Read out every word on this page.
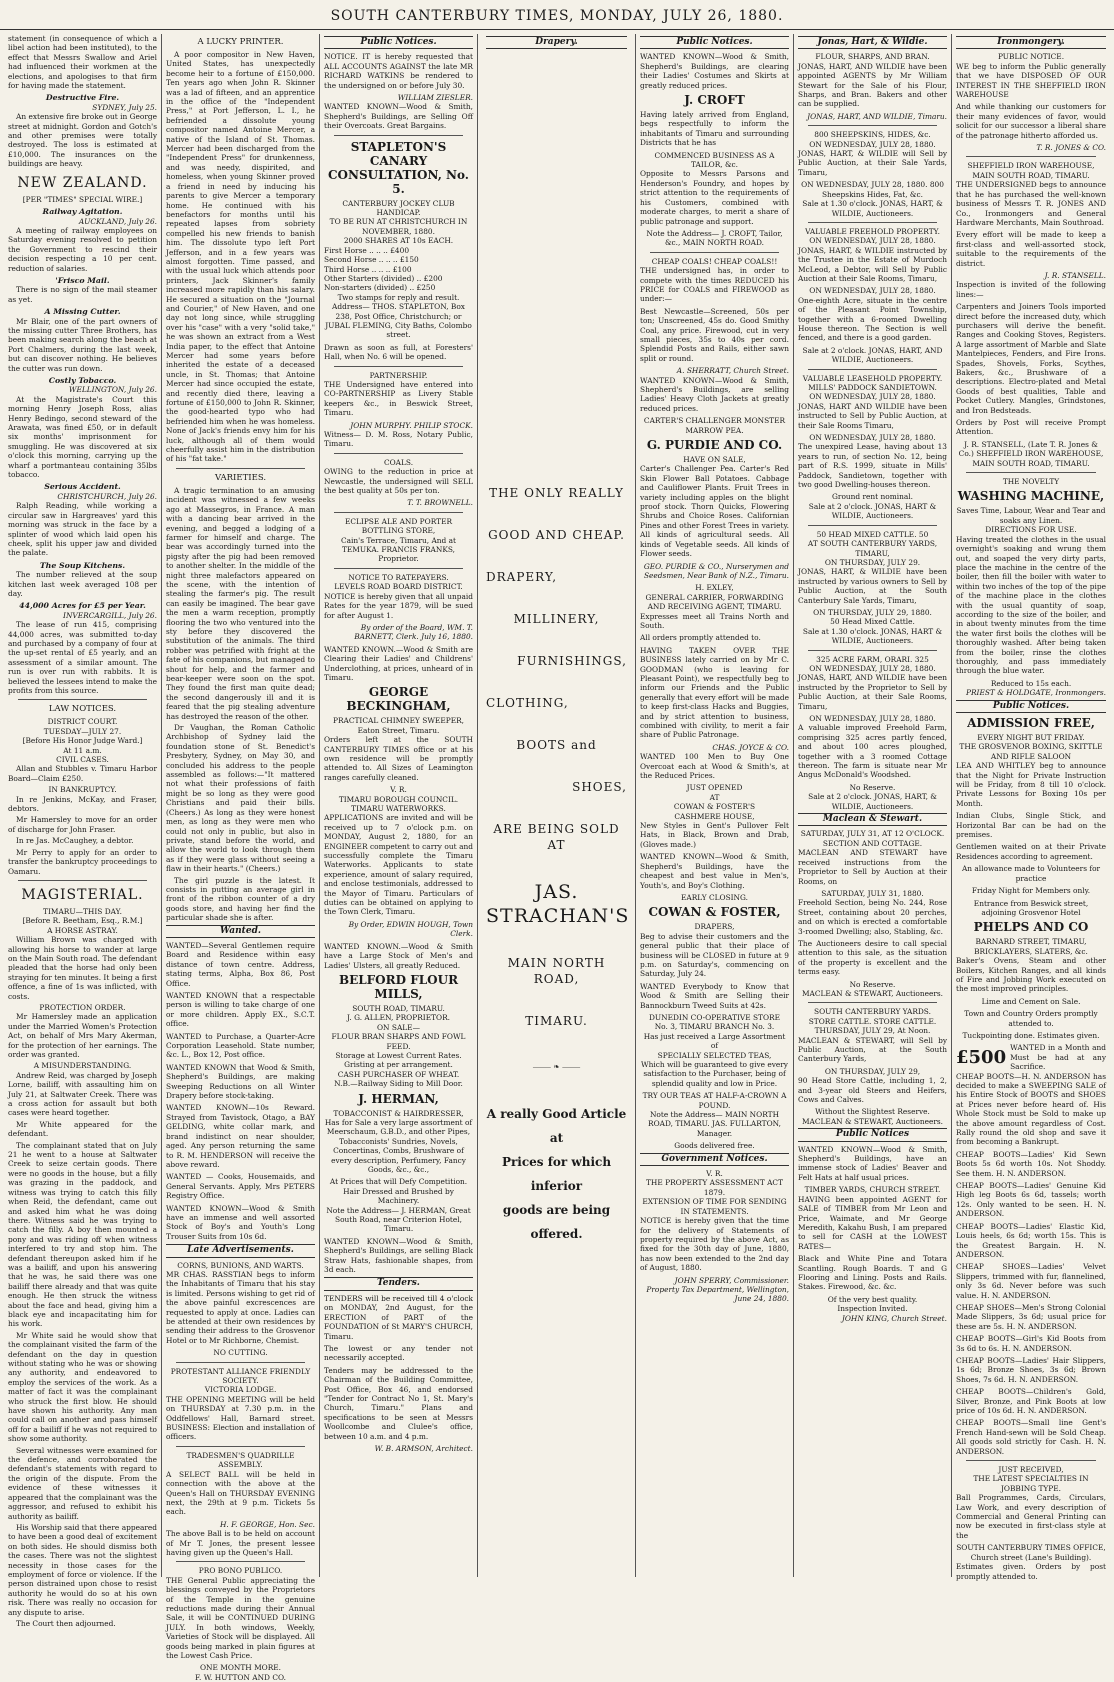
SOUTH CANTERBURY TIMES, MONDAY, JULY 26, 1880.

statement (in consequence of which a libel action had been instituted), to the effect that Messrs Swallow and Ariel had influenced their workmen at the elections, and apologises to that firm for having made the statement.

Destructive Fire.
SYDNEY, July 25.

An extensive fire broke out in George street at midnight. Gordon and Gotch's and other premises were totally destroyed. The loss is estimated at £10,000. The insurances on the buildings are heavy.

NEW ZEALAND.
[PER "TIMES" SPECIAL WIRE.]
Railway Agitation.
AUCKLAND, July 26.

A meeting of railway employees on Saturday evening resolved to petition the Government to rescind their decision respecting a 10 per cent. reduction of salaries.

'Frisco Mail.

There is no sign of the mail steamer as yet.

A Missing Cutter.

Mr Blair, one of the part owners of the missing cutter Three Brothers, has been making search along the beach at Port Chalmers, during the last week, but can discover nothing. He believes the cutter was run down.

Costly Tobacco.
WELLINGTON, July 26.

At the Magistrate's Court this morning Henry Joseph Ross, alias Henry Bedingo, second steward of the Arawata, was fined £50, or in default six months' imprisonment for smuggling. He was discovered at six o'clock this morning, carrying up the wharf a portmanteau containing 35lbs tobacco.

Serious Accident.
CHRISTCHURCH, July 26.

Ralph Reading, while working a circular saw in Hargreaves' yard this morning was struck in the face by a splinter of wood which laid open his cheek, split his upper jaw and divided the palate.

The Soup Kitchens.

The number relieved at the soup kitchen last week averaged 108 per day.

44,000 Acres for £5 per Year.
INVERCARGILL, July 26.

The lease of run 415, comprising 44,000 acres, was submitted to-day and purchased by a company of four at the up-set rental of £5 yearly, and an assessment of a similar amount. The run is over run with rabbits. It is believed the lessees intend to make the profits from this source.

LAW NOTICES.
DISTRICT COURT.
TUESDAY—JULY 27.
[Before His Honor Judge Ward.]
At 11 a.m.
CIVIL CASES.

Allan and Stubbles v. Timaru Harbor Board—Claim £250.

IN BANKRUPTCY.

In re Jenkins, McKay, and Fraser, debtors.

Mr Hamersley to move for an order of discharge for John Fraser.

In re Jas. McCaughey, a debtor.

Mr Perry to apply for an order to transfer the bankruptcy proceedings to Oamaru.

MAGISTERIAL.
TIMARU—THIS DAY.
[Before R. Beetham, Esq., R.M.]
A HORSE ASTRAY.

William Brown was charged with allowing his horse to wander at large on the Main South road. The defendant pleaded that the horse had only been straying for ten minutes. It being a first offence, a fine of 1s was inflicted, with costs.

PROTECTION ORDER.

Mr Hamersley made an application under the Married Women's Protection Act, on behalf of Mrs Mary Akerman, for the protection of her earnings. The order was granted.

A MISUNDERSTANDING.

Andrew Reid, was charged by Joseph Lorne, bailiff, with assaulting him on July 21, at Saltwater Creek. There was a cross action for assault but both cases were heard together.

Mr White appeared for the defendant.

The complainant stated that on July 21 he went to a house at Saltwater Creek to seize certain goods. There were no goods in the house, but a filly was grazing in the paddock, and witness was trying to catch this filly when Reid, the defendant, came out and asked him what he was doing there. Witness said he was trying to catch the filly. A boy then mounted a pony and was riding off when witness interfered to try and stop him. The defendant thereupon asked him if he was a bailiff, and upon his answering that he was, he said there was one bailiff there already and that was quite enough. He then struck the witness about the face and head, giving him a black eye and incapacitating him for his work.

Mr White said he would show that the complainant visited the farm of the defendant on the day in question without stating who he was or showing any authority, and endeavored to employ the services of the work. As a matter of fact it was the complainant who struck the first blow. He should have shown his authority. Any man could call on another and pass himself off for a bailiff if he was not required to show some authority.

Several witnesses were examined for the defence, and corroborated the defendant's statements with regard to the origin of the dispute. From the evidence of these witnesses it appeared that the complainant was the aggressor, and refused to exhibit his authority as bailiff.

His Worship said that there appeared to have been a good deal of excitement on both sides. He should dismiss both the cases. There was not the slightest necessity in those cases for the employment of force or violence. If the person distrained upon chose to resist authority he would do so at his own risk. There was really no occasion for any dispute to arise.

The Court then adjourned.

A LUCKY PRINTER.

A poor compositor in New Haven, United States, has unexpectedly become heir to a fortune of £150,000. Ten years ago when John R. Skinner was a lad of fifteen, and an apprentice in the office of the "Independent Press," at Port Jefferson, L. I., he befriended a dissolute young compositor named Antoine Mercer, a native of the Island of St. Thomas. Mercer had been discharged from the "Independent Press" for drunkenness, and was needy, dispirited, and homeless, when young Skinner proved a friend in need by inducing his parents to give Mercer a temporary home. He continued with his benefactors for months until his repeated lapses from sobriety compelled his new friends to banish him. The dissolute typo left Port Jefferson, and in a few years was almost forgotten. Time passed, and with the usual luck which attends poor printers, Jack Skinner's family increased more rapidly than his salary. He secured a situation on the "Journal and Courier," of New Haven, and one day not long since, while struggling over his "case" with a very "solid take," he was shown an extract from a West India paper, to the effect that Antoine Mercer had some years before inherited the estate of a deceased uncle, in St. Thomas; that Antoine Mercer had since occupied the estate, and recently died there, leaving a fortune of £150,000 to John R. Skinner, the good-hearted typo who had befriended him when he was homeless. None of Jack's friends envy him for his luck, although all of them would cheerfully assist him in the distribution of his "fat take."

VARIETIES.

A tragic termination to an amusing incident was witnessed a few weeks ago at Massegros, in France. A man with a dancing bear arrived in the evening, and begged a lodging of a farmer for himself and charge. The bear was accordingly turned into the pigsty after the pig had been removed to another shelter. In the middle of the night three malefactors appeared on the scene, with the intention of stealing the farmer's pig. The result can easily be imagined. The bear gave the men a warm reception, promptly flooring the two who ventured into the sty before they discovered the substitution of the animals. The third robber was petrified with fright at the fate of his companions, but managed to shout for help, and the farmer and bear-keeper were soon on the spot. They found the first man quite dead; the second dangerously ill and it is feared that the pig stealing adventure has destroyed the reason of the other.

Dr Vaughan, the Roman Catholic Archbishop of Sydney laid the foundation stone of St. Benedict's Presbytery, Sydney, on May 30, and concluded his address to the people assembled as follows:—"It mattered not what their professions of faith might be so long as they were good Christians and paid their bills. (Cheers.) As long as they were honest men, as long as they were men who could not only in public, but also in private, stand before the world, and allow the world to look through them as if they were glass without seeing a flaw in their hearts." (Cheers.)

The girl puzzle is the latest. It consists in putting an average girl in front of the ribbon counter of a dry goods store, and having her find the particular shade she is after.

Wanted.

WANTED—Several Gentlemen require Board and Residence within easy distance of town centre. Address, stating terms, Alpha, Box 86, Post Office.

WANTED KNOWN that a respectable person is willing to take charge of one or more children. Apply EX., S.C.T. office.

WANTED to Purchase, a Quarter-Acre Corporation Leasehold. State number, &c. L., Box 12, Post office.

WANTED KNOWN that Wood & Smith, Shepherd's Buildings, are making Sweeping Reductions on all Winter Drapery before stock-taking.

WANTED KNOWN—10s Reward. Strayed from Tavistock, Otago, a BAY GELDING, white collar mark, and brand indistinct on near shoulder, aged. Any person returning the same to R. M. HENDERSON will receive the above reward.

WANTED — Cooks, Housemaids, and General Servants. Apply, Mrs PETERS Registry Office.

WANTED KNOWN—Wood & Smith have an immense and well assorted Stock of Boy's and Youth's Long Trouser Suits from 10s 6d.

Late Advertisements.
CORNS, BUNIONS, AND WARTS.

MR CHAS. RASSTIAN begs to inform the Inhabitants of Timaru that his stay is limited. Persons wishing to get rid of the above painful excrescences are requested to apply at once. Ladies can be attended at their own residences by sending their address to the Grosvenor Hotel or to Mr Richborne, Chemist.

NO CUTTING.
PROTESTANT ALLIANCE FRIENDLY SOCIETY.
VICTORIA LODGE.

THE OPENING MEETING will be held on THURSDAY at 7.30 p.m. in the Oddfellows' Hall, Barnard street. BUSINESS: Election and installation of officers.

TRADESMEN'S QUADRILLE ASSEMBLY.

A SELECT BALL will be held in connection with the above at the Queen's Hall on THURSDAY EVENING next, the 29th at 9 p.m. Tickets 5s each.

H. F. GEORGE, Hon. Sec.

The above Ball is to be held on account of Mr T. Jones, the present lessee having given up the Queen's Hall.

PRO BONO PUBLICO.

THE General Public appreciating the blessings conveyed by the Proprietors of the Temple in the genuine reductions made during their Annual Sale, it will be CONTINUED DURING JULY. In both windows, Weekly, Varieties of Stock will be displayed. All goods being marked in plain figures at the Lowest Cash Price.

ONE MONTH MORE.
F. W. HUTTON AND CO.
Public Notices.

NOTICE. IT is hereby requested that ALL ACCOUNTS AGAINST the late MR RICHARD WATKINS be rendered to the undersigned on or before July 30.

WILLIAM ZIESLER.

WANTED KNOWN—Wood & Smith, Shepherd's Buildings, are Selling Off their Overcoats. Great Bargains.

STAPLETON'S CANARY CONSULTATION, No. 5.
CANTERBURY JOCKEY CLUB HANDICAP.
TO BE RUN AT CHRISTCHURCH IN NOVEMBER, 1880.
2000 SHARES AT 10s EACH.
First Horse .. .. .. £400
Second Horse .. .. .. £150
Third Horse .. .. .. £100
Other Starters (divided) .. £200
Non-starters (divided) .. £250
Two stamps for reply and result.

Address— THOS. STAPLETON, Box 238, Post Office, Christchurch; or JUBAL FLEMING, City Baths, Colombo street.

Drawn as soon as full, at Foresters' Hall, when No. 6 will be opened.

PARTNERSHIP.

THE Undersigned have entered into CO-PARTNERSHIP as Livery Stable keepers &c., in Beswick Street, Timaru.

JOHN MURPHY. PHILIP STOCK.

Witness— D. M. Ross, Notary Public, Timaru.

COALS.

OWING to the reduction in price at Newcastle, the undersigned will SELL the best quality at 50s per ton.

T. T. BROWNELL.
ECLIPSE ALE AND PORTER BOTTLING STORE,

Cain's Terrace, Timaru, And at TEMUKA. FRANCIS FRANKS, Proprietor.

NOTICE TO RATEPAYERS.
LEVELS ROAD BOARD DISTRICT.

NOTICE is hereby given that all unpaid Rates for the year 1879, will be sued for after August 1.

By order of the Board, WM. T. BARNETT, Clerk. July 16, 1880.

WANTED KNOWN.—Wood & Smith are Clearing their Ladies' and Childrens' Underclothing, at prices, unheard of in Timaru.

GEORGE BECKINGHAM,
PRACTICAL CHIMNEY SWEEPER, Eaton Street, Timaru.

Orders left at the SOUTH CANTERBURY TIMES office or at his own residence will be promptly attended to. All Sizes of Leamington ranges carefully cleaned.

V. R.
TIMARU BOROUGH COUNCIL.
TIMARU WATERWORKS.

APPLICATIONS are invited and will be received up to 7 o'clock p.m. on MONDAY, August 2, 1880, for an ENGINEER competent to carry out and successfully complete the Timaru Waterworks. Applicants to state experience, amount of salary required, and enclose testimonials, addressed to the Mayor of Timaru. Particulars of duties can be obtained on applying to the Town Clerk, Timaru.

By Order, EDWIN HOUGH, Town Clerk.

WANTED KNOWN.—Wood & Smith have a Large Stock of Men's and Ladies' Ulsters, all greatly Reduced.

BELFORD FLOUR MILLS,
SOUTH ROAD, TIMARU.
J. G. ALLEN, PROPRIETOR.
ON SALE—
FLOUR BRAN SHARPS AND FOWL FEED.
Storage at Lowest Current Rates.
Gristing at per arrangement.
CASH PURCHASER OF WHEAT.
N.B.—Railway Siding to Mill Door.
J. HERMAN,
TOBACCONIST & HAIRDRESSER,

Has for Sale a very large assortment of Meerschaum, G.B.D., and other Pipes, Tobacconists' Sundries, Novels, Concertinas, Combs, Brushware of every description, Perfumery, Fancy Goods, &c., &c.,

At Prices that will Defy Competition.
Hair Dressed and Brushed by Machinery.

Note the Address— J. HERMAN, Great South Road, near Criterion Hotel, Timaru.

WANTED KNOWN—Wood & Smith, Shepherd's Buildings, are selling Black Straw Hats, fashionable shapes, from 3d each.

Tenders.

TENDERS will be received till 4 o'clock on MONDAY, 2nd August, for the ERECTION of PART of the FOUNDATION of St MARY'S CHURCH, Timaru.

The lowest or any tender not necessarily accepted.

Tenders may be addressed to the Chairman of the Building Committee, Post Office, Box 46, and endorsed "Tender for Contract No 1, St. Mary's Church, Timaru." Plans and specifications to be seen at Messrs Woollcombe and Clulee's office, between 10 a.m. and 4 p.m.

W. B. ARMSON, Architect.
Drapery.
THE ONLY REALLY
GOOD AND CHEAP.
DRAPERY,
MILLINERY,
FURNISHINGS,
CLOTHING,
BOOTS and
SHOES,
ARE BEING SOLD AT
JAS. STRACHAN'S
MAIN NORTH ROAD,
TIMARU.
⸻ ❧ ⸻
A really Good Article at
Prices for which inferior
goods are being offered.
Public Notices.

WANTED KNOWN—Wood & Smith, Shepherd's Buildings, are clearing their Ladies' Costumes and Skirts at greatly reduced prices.

J. CROFT

Having lately arrived from England, begs respectfully to inform the inhabitants of Timaru and surrounding Districts that he has

COMMENCED BUSINESS AS A TAILOR, &c.

Opposite to Messrs Parsons and Henderson's Foundry, and hopes by strict attention to the requirements of his Customers, combined with moderate charges, to merit a share of public patronage and support.

Note the Address— J. CROFT, Tailor, &c., MAIN NORTH ROAD.

CHEAP COALS! CHEAP COALS!!

THE undersigned has, in order to compete with the times REDUCED his PRICE for COALS and FIREWOOD as under:—

Best Newcastle—Screened, 50s per ton; Unscreened, 45s do. Good Smithy Coal, any price. Firewood, cut in very small pieces, 35s to 40s per cord. Splendid Posts and Rails, either sawn split or round.

A. SHERRATT, Church Street.

WANTED KNOWN—Wood & Smith, Shepherd's Buildings, are selling Ladies' Heavy Cloth Jackets at greatly reduced prices.

CARTER'S CHALLENGER MONSTER MARROW PEA.
G. PURDIE AND CO.
HAVE ON SALE,

Carter's Challenger Pea. Carter's Red Skin Flower Ball Potatoes. Cabbage and Cauliflower Plants. Fruit Trees in variety including apples on the blight proof stock. Thorn Quicks, Flowering Shrubs and Choice Roses. Californian Pines and other Forest Trees in variety. All kinds of agricultural seeds. All kinds of Vegetable seeds. All kinds of Flower seeds.

GEO. PURDIE & CO., Nurserymen and Seedsmen, Near Bank of N.Z., Timaru.

H. EXLEY,
GENERAL CARRIER, FORWARDING AND RECEIVING AGENT, TIMARU.

Expresses meet all Trains North and South.

All orders promptly attended to.

HAVING TAKEN OVER THE BUSINESS lately carried on by Mr C. GOODMAN (who is leaving for Pleasant Point), we respectfully beg to inform our Friends and the Public generally that every effort will be made to keep first-class Hacks and Buggies, and by strict attention to business, combined with civility, to merit a fair share of Public Patronage.

CHAS. JOYCE & CO.

WANTED 100 Men to Buy One Overcoat each at Wood & Smith's, at the Reduced Prices.

JUST OPENED
AT
COWAN & FOSTER'S
CASHMERE HOUSE,

New Styles in Gent's Pullover Felt Hats, in Black, Brown and Drab, (Gloves made.)

WANTED KNOWN—Wood & Smith, Shepherd's Buildings, have the cheapest and best value in Men's, Youth's, and Boy's Clothing.

EARLY CLOSING.
COWAN & FOSTER,
DRAPERS,

Beg to advise their customers and the general public that their place of business will be CLOSED in future at 9 p.m. on Saturday's, commencing on Saturday, July 24.

WANTED Everybody to Know that Wood & Smith are Selling their Bannockburn Tweed Suits at 42s.

DUNEDIN CO-OPERATIVE STORE
No. 3, TIMARU BRANCH No. 3.
Has just received a Large Assortment of
SPECIALLY SELECTED TEAS,

Which will be guaranteed to give every satisfaction to the Purchaser, being of splendid quality and low in Price.

TRY OUR TEAS AT HALF-A-CROWN A POUND.

Note the Address— MAIN NORTH ROAD, TIMARU. JAS. FULLARTON, Manager.

Goods delivered free.
Government Notices.
V. R.
THE PROPERTY ASSESSMENT ACT 1879.
EXTENSION OF TIME FOR SENDING IN STATEMENTS.

NOTICE is hereby given that the time for the delivery of Statements of property required by the above Act, as fixed for the 30th day of June, 1880, has now been extended to the 2nd day of August, 1880.

JOHN SPERRY, Commissioner. Property Tax Department, Wellington, June 24, 1880.

Jonas, Hart, & Wildie.
FLOUR, SHARPS, AND BRAN.

JONAS, HART, AND WILDIE have been appointed AGENTS by Mr William Stewart for the Sale of his Flour, Sharps, and Bran. Bakers and other can be supplied.

JONAS, HART, AND WILDIE, Timaru.
800 SHEEPSKINS, HIDES, &c.
ON WEDNESDAY, JULY 28, 1880.

JONAS, HART, & WILDIE will Sell by Public Auction, at their Sale Yards, Timaru,

ON WEDNESDAY, JULY 28, 1880. 800 Sheepskins Hides, Fat, &c.
Sale at 1.30 o'clock. JONAS, HART, & WILDIE, Auctioneers.
VALUABLE FREEHOLD PROPERTY.
ON WEDNESDAY, JULY 28, 1880.

JONAS, HART, & WILDIE instructed by the Trustee in the Estate of Murdoch McLeod, a Debtor, will Sell by Public Auction at their Sale Rooms, Timaru,

ON WEDNESDAY, JULY 28, 1880.

One-eighth Acre, situate in the centre of the Pleasant Point Township, together with a 6-roomed Dwelling House thereon. The Section is well fenced, and there is a good garden.

Sale at 2 o'clock. JONAS, HART, AND WILDIE, Auctioneers.
VALUABLE LEASEHOLD PROPERTY. MILLS' PADDOCK SANDIETOWN.
ON WEDNESDAY, JULY 28, 1880.

JONAS, HART AND WILDIE have been instructed to Sell by Public Auction, at their Sale Rooms Timaru,

ON WEDNESDAY, JULY 28, 1880.

The unexpired Lease, having about 13 years to run, of section No. 12, being part of R.S. 1999, situate in Mills' Paddock, Sandietown, together with two good Dwelling-houses thereon.

Ground rent nominal.
Sale at 2 o'clock. JONAS, HART & WILDIE, Auctioneers.
50 HEAD MIXED CATTLE. 50
AT SOUTH CANTERBURY YARDS, TIMARU,
ON THURSDAY, JULY 29.

JONAS, HART, & WILDIE have been instructed by various owners to Sell by Public Auction, at the South Canterbury Sale Yards, Timaru,

ON THURSDAY, JULY 29, 1880.
50 Head Mixed Cattle.
Sale at 1.30 o'clock. JONAS, HART & WILDIE, Auctioneers.
325 ACRE FARM, ORARI. 325
ON WEDNESDAY, JULY 28, 1880.

JONAS, HART, AND WILDIE have been instructed by the Proprietor to Sell by Public Auction, at their Sale Rooms, Timaru,

ON WEDNESDAY, JULY 28, 1880.

A valuable improved Freehold Farm, comprising 325 acres partly fenced, and about 100 acres ploughed, together with a 3 roomed Cottage thereon. The farm is situate near Mr Angus McDonald's Woodshed.

No Reserve.
Sale at 2 o'clock. JONAS, HART, & WILDIE, Auctioneers.
Maclean & Stewart.
SATURDAY, JULY 31, AT 12 O'CLOCK.
SECTION AND COTTAGE.

MACLEAN AND STEWART have received instructions from the Proprietor to Sell by Auction at their Rooms, on

SATURDAY, JULY 31, 1880.

Freehold Section, being No. 244, Rose Street, containing about 20 perches, and on which is erected a comfortable 3-roomed Dwelling; also, Stabling, &c.

The Auctioneers desire to call special attention to this sale, as the situation of the property is excellent and the terms easy.

No Reserve.
MACLEAN & STEWART, Auctioneers.
SOUTH CANTERBURY YARDS.
STORE CATTLE. STORE CATTLE.
THURSDAY, JULY 29, At Noon.

MACLEAN & STEWART, will Sell by Public Auction, at the South Canterbury Yards,

ON THURSDAY, JULY 29,

90 Head Store Cattle, including 1, 2, and 3-year old Steers and Heifers, Cows and Calves.

Without the Slightest Reserve.
MACLEAN & STEWART, Auctioneers.
Public Notices

WANTED KNOWN—Wood & Smith, Shepherd's Buildings, have an immense stock of Ladies' Beaver and Felt Hats at half usual prices.

TIMBER YARDS, CHURCH STREET.

HAVING been appointed AGENT for SALE of TIMBER from Mr Leon and Price, Waimate, and Mr George Meredith, Kakahu Bush, I am prepared to sell for CASH at the LOWEST RATES—

Black and White Pine and Totara Scantling. Rough Boards. T and G Flooring and Lining. Posts and Rails. Stakes. Firewood, &c. &c.

Of the very best quality.
Inspection Invited.
JOHN KING, Church Street.
Ironmongery.
PUBLIC NOTICE.

WE beg to inform the Public generally that we have DISPOSED OF OUR INTEREST IN THE SHEFFIELD IRON WAREHOUSE

And while thanking our customers for their many evidences of favor, would solicit for our successor a liberal share of the patronage hitherto afforded us.

T. R. JONES & CO.
SHEFFIELD IRON WAREHOUSE,
MAIN SOUTH ROAD, TIMARU.

THE UNDERSIGNED begs to announce that he has purchased the well-known business of Messrs T. R. JONES AND Co., Ironmongers and General Hardware Merchants, Main Southroad.

Every effort will be made to keep a first-class and well-assorted stock, suitable to the requirements of the district.

J. R. STANSELL.

Inspection is invited of the following lines:—

Carpenters and Joiners Tools imported direct before the increased duty, which purchasers will derive the benefit. Ranges and Cooking Stoves, Registers. A large assortment of Marble and Slate Mantelpieces, Fenders, and Fire Irons. Spades, Shovels, Forks, Scythes, Bakers, &c., Brushware of a descriptions. Electro-plated and Metal Goods of best qualities, Table and Pocket Cutlery. Mangles, Grindstones, and Iron Bedsteads.

Orders by Post will receive Prompt Attention.

J. R. STANSELL, (Late T. R. Jones & Co.) SHEFFIELD IRON WAREHOUSE, MAIN SOUTH ROAD, TIMARU.

THE NOVELTY
WASHING MACHINE,
Saves Time, Labour, Wear and Tear and soaks any Linen.
DIRECTIONS FOR USE.

Having treated the clothes in the usual overnight's soaking and wrung them out, and soaped the very dirty parts, place the machine in the centre of the boiler, then fill the boiler with water to within two inches of the top of the pipe of the machine place in the clothes with the usual quantity of soap, according to the size of the boiler, and in about twenty minutes from the time the water first boils the clothes will be thoroughly washed. After being taken from the boiler, rinse the clothes thoroughly, and pass immediately through the blue water.

Reduced to 15s each.
PRIEST & HOLDGATE, Ironmongers.
Public Notices.
ADMISSION FREE,
EVERY NIGHT BUT FRIDAY.
THE GROSVENOR BOXING, SKITTLE AND RIFLE SALOON

LEA AND WHITLEY beg to announce that the Night for Private Instruction will be Friday, from 8 till 10 o'clock. Private Lessons for Boxing 10s per Month.

Indian Clubs, Single Stick, and Horizontal Bar can be had on the premises.

Gentlemen waited on at their Private Residences according to agreement.

An allowance made to Volunteers for practice

Friday Night for Members only.

Entrance from Beswick street, adjoining Grosvenor Hotel

PHELPS AND CO
BARNARD STREET, TIMARU,
BRICKLAYERS, SLATERS, &c.

Baker's Ovens, Steam and other Boilers, Kitchen Ranges, and all kinds of Fire and Jobbing Work executed on the most improved principles.

Lime and Cement on Sale.

Town and Country Orders promptly attended to.

Tuckpointing done. Estimates given.

£500 WANTED in a Month and Must be had at any Sacrifice.

CHEAP BOOTS—H. N. ANDERSON has decided to make a SWEEPING SALE of his Entire Stock of BOOTS and SHOES at Prices never before heard of. His Whole Stock must be Sold to make up the above amount regardless of Cost. Rally round the old shop and save it from becoming a Bankrupt.

CHEAP BOOTS—Ladies' Kid Sewn Boots 5s 6d worth 10s. Not Shoddy. See them. H. N. ANDERSON.

CHEAP BOOTS—Ladies' Genuine Kid High leg Boots 6s 6d, tassels; worth 12s. Only wanted to be seen. H. N. ANDERSON.

CHEAP BOOTS—Ladies' Elastic Kid, Louis heels, 6s 6d; worth 15s. This is the Greatest Bargain. H. N. ANDERSON.

CHEAP SHOES—Ladies' Velvet Slippers, trimmed with fur, flannelined, only 3s 6d. Never before was such value. H. N. ANDERSON.

CHEAP SHOES—Men's Strong Colonial Made Slippers, 3s 6d; usual price for these are 5s. H. N. ANDERSON.

CHEAP BOOTS—Girl's Kid Boots from 3s 6d to 6s. H. N. ANDERSON.

CHEAP BOOTS—Ladies' Hair Slippers, 1s 6d; Bronze Shoes, 3s 6d; Brown Shoes, 7s 6d. H. N. ANDERSON.

CHEAP BOOTS—Children's Gold, Silver, Bronze, and Pink Boots at low price of 10s 6d. H. N. ANDERSON.

CHEAP BOOTS—Small line Gent's French Hand-sewn will be Sold Cheap. All goods sold strictly for Cash. H. N. ANDERSON.

JUST RECEIVED,
THE LATEST SPECIALTIES IN JOBBING TYPE.

Ball Programmes, Cards, Circulars, Law Work, and every description of Commercial and General Printing can now be executed in first-class style at the

SOUTH CANTERBURY TIMES OFFICE, Church street (Lane's Building).

Estimates given. Orders by post promptly attended to.
